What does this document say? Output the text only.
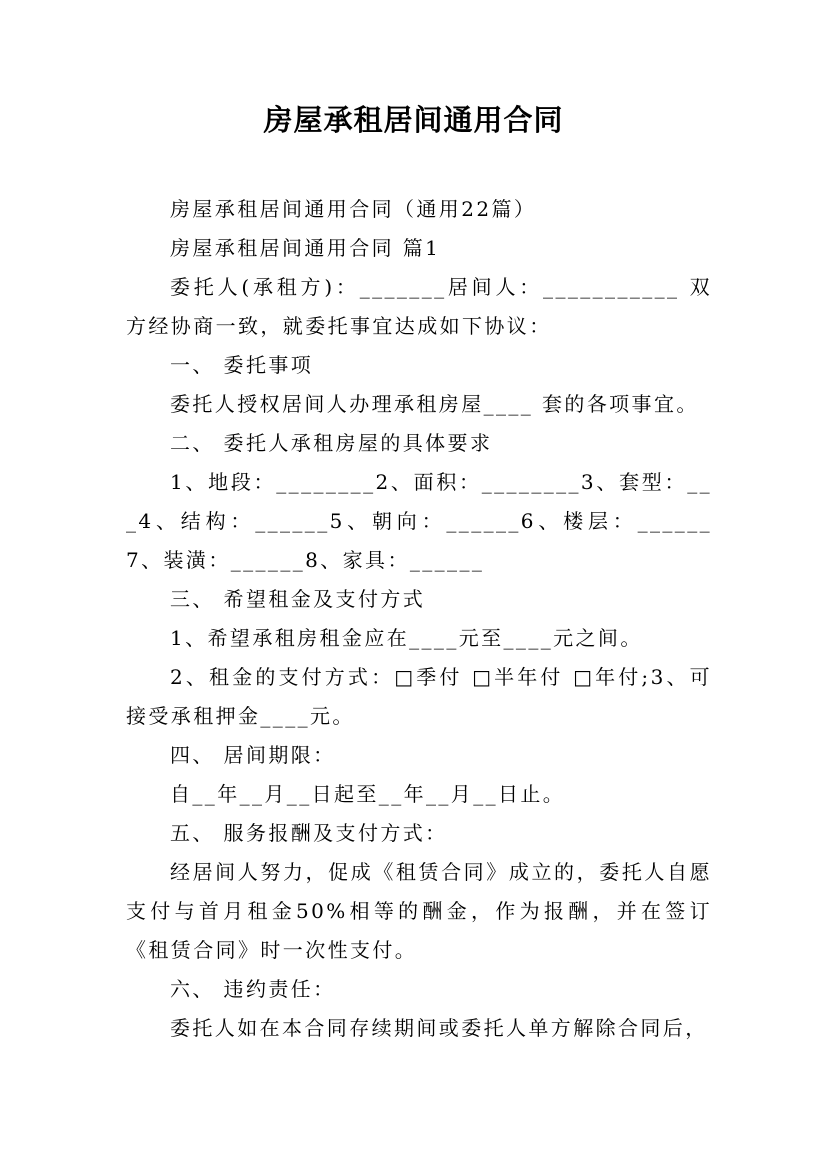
房屋承租居间通用合同

房屋承租居间通用合同（通用22篇）

房屋承租居间通用合同 篇1

委托人(承租方)：_______居间人：___________ 双方经协商一致，就委托事宜达成如下协议：

一、 委托事项

委托人授权居间人办理承租房屋____ 套的各项事宜。

二、 委托人承租房屋的具体要求

1、地段：________2、面积：________3、套型：___4、结构：______5、朝向：______6、楼层：______ 7、装潢：______8、家具：______

三、 希望租金及支付方式

1、希望承租房租金应在____元至____元之间。

2、租金的支付方式：□季付 □半年付 □年付;3、可接受承租押金____元。

四、 居间期限：

自__年__月__日起至__年__月__日止。

五、 服务报酬及支付方式：

经居间人努力，促成《租赁合同》成立的，委托人自愿支付与首月租金50%相等的酬金，作为报酬，并在签订《租赁合同》时一次性支付。

六、 违约责任：

委托人如在本合同存续期间或委托人单方解除合同后，
